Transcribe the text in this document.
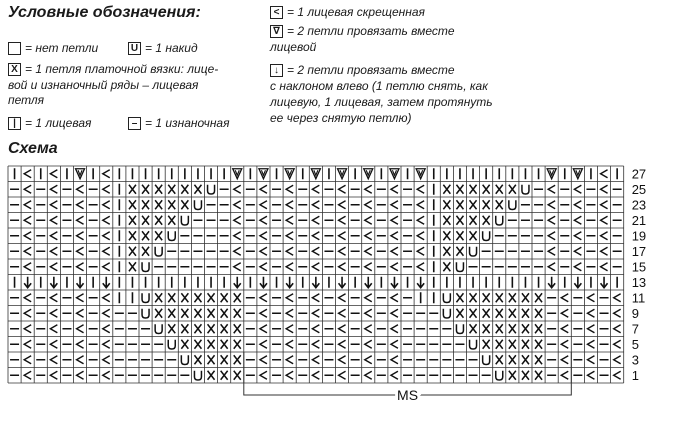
Условные обозначения:
= нет петли	U = 1 накид
X = 1 петля платочной вязки: лице-
вой и изнаночный ряды – лицевая
петля
| = 1 лицевая	– = 1 изнаночная
< = 1 лицевая скрещенная
∇ = 2 петли провязать вместе
лицевой
↓ = 2 петли провязать вместе
с наклоном влево (1 петлю снять, как
лицевую, 1 лицевая, затем протянуть
ее через снятую петлю)
Схема
27
25
23
21
19
17
15
13
11
9
7
5
3
1
MS
